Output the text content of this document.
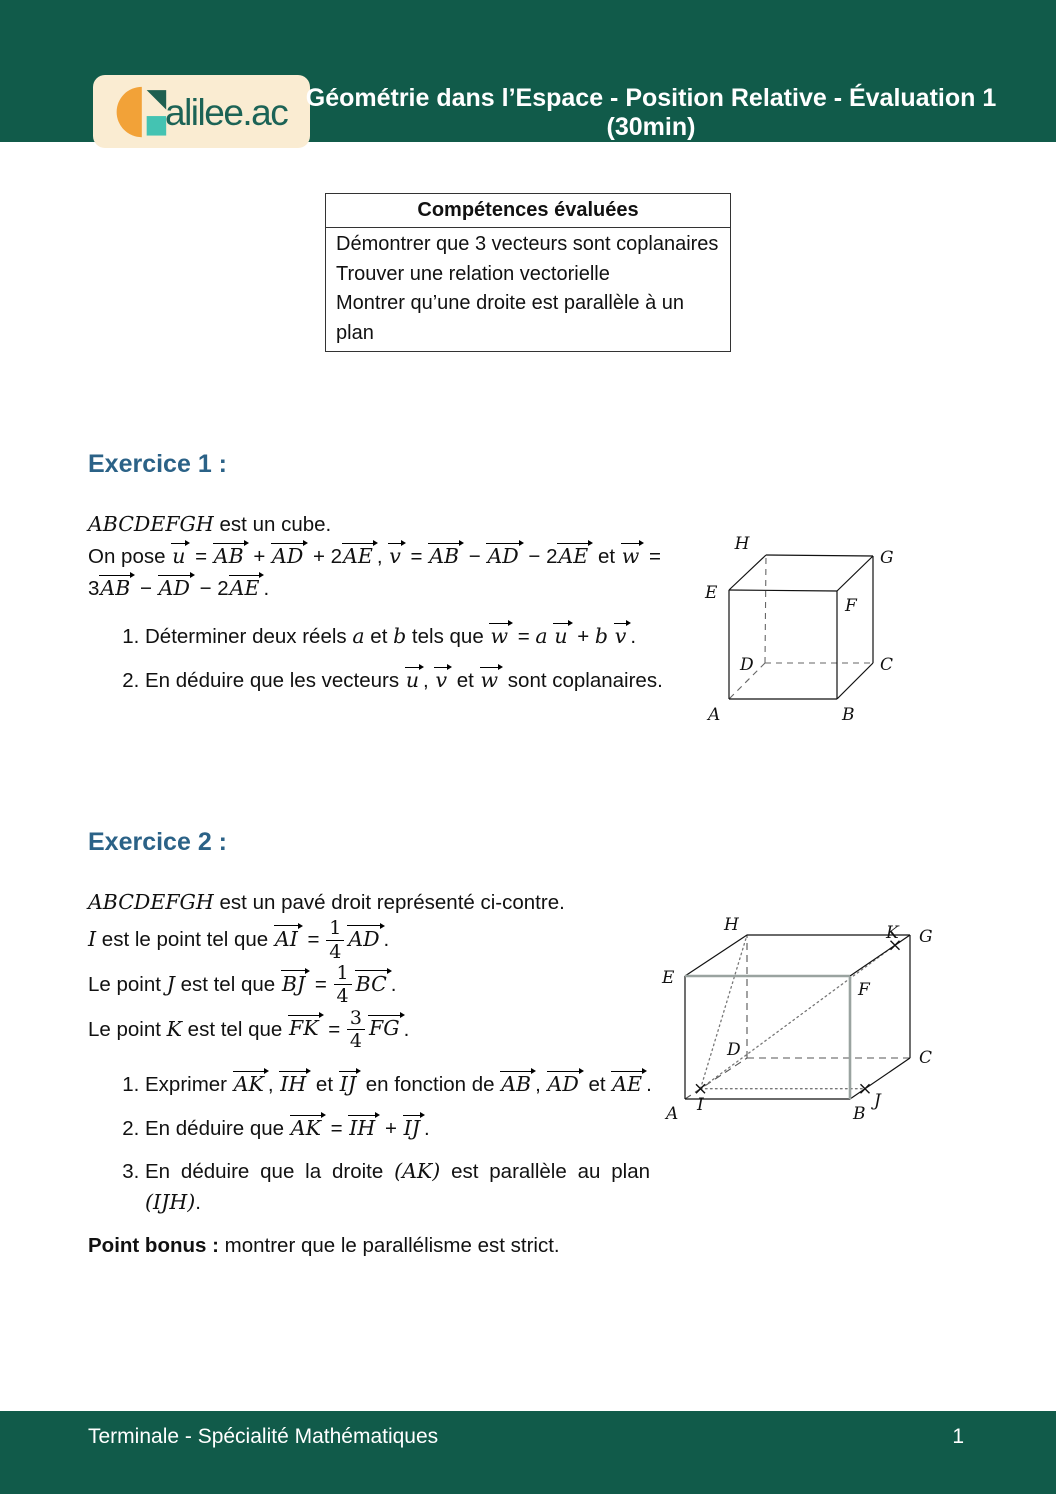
alilee.ac Géométrie dans l’Espace - Position Relative - Évaluation 1 (30min)
Compétences évaluées
Démontrer que 3 vecteurs sont coplanaires
Trouver une relation vectorielle
Montrer qu’une droite est parallèle à un plan
Exercice 1 :

ABCDEFGH est un cube.

On pose u = AB + AD + 2AE , v = AB − AD − 2AE et w = 3AB − AD − 2AE .

1. Déterminer deux réels a et b tels que w = a u + b v .
2. En déduire que les vecteurs u , v et w sont coplanaires.
H
G
E
F
D	C
A	B
Exercice 2 :

ABCDEFGH est un pavé droit représenté ci-contre.

I est le point tel que AI = $\frac{1}{4}$ AD .

Le point J est tel que BJ = $\frac{1}{4}$ BC .

Le point K est tel que FK = $\frac{3}{4}$ FG .

1. Exprimer AK , IH et IJ en fonction de AB , AD et AE .
2. En déduire que AK = IH + IJ .
3. En déduire que la droite (AK) est parallèle au plan (IJH).

Point bonus : montrer que le parallélisme est strict.

H	K G
E
F
D	C
A I	B
J
Terminale - Spécialité Mathématiques	1
